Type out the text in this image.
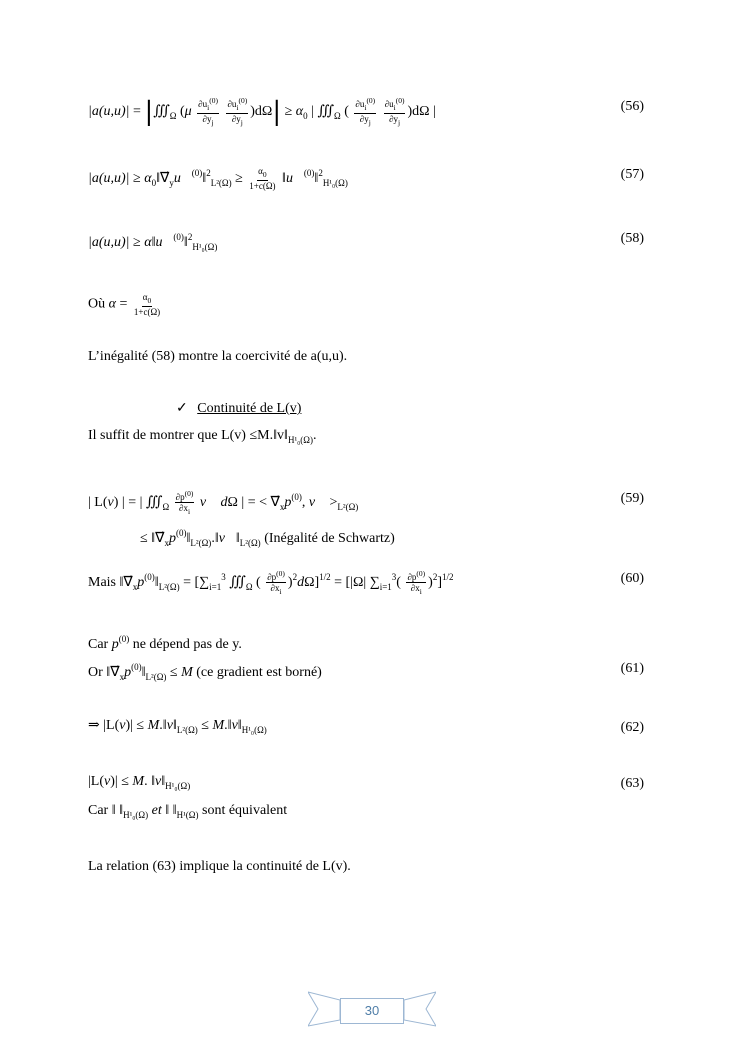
$|a(u,u)| = |∭_\Omega$ ($\mu \frac{\partial u_i^{(0)}}{\partial y_j}$
$\frac{\partial u_i^{(0)}}{\partial y_j} )d\Omega| \ge \alpha_0$ | $∭_\Omega$ ( $\frac{\partial u_i^{(0)}}{\partial y_j}$
$\frac{\partial u_i^{(0)}}{\partial y_j} )d\Omega$ |	(56)
$|a(u,u)| \ge \alpha_0‖\nabla⃗_yu⃗^{(0)}‖^2_{L^2(\Omega)} \ge \frac{\alpha_0}{1+c(\Omega)}$ ‖u⃗$^{(0)}$‖$^2_{H^1_0(\Omega)}$
(57)
|a(u,u)| ≥ α‖u⃗$^{(0)}$‖$^2_{H^1_0(\Omega)}$
(58)
Où $\alpha = \frac{\alpha_0}{1+c(\Omega)}$
L’inégalité (58) montre la coercivité de a(u,u).
✓ Continuité de L(v)
Il suffit de montrer que $L(v) \le M.‖v‖_{H^1_0(\Omega)}$.
| L(v) | = | $∭_\Omega \frac{\partial p^{(0)}}{\partial x_i}$ v⃗ dΩ | = < $\nabla⃗_xp^{(0)}$, v⃗ $>_{L^2(\Omega)}$
(59)
≤ $‖\nabla⃗_xp^{(0)}‖_{L^2(\Omega)}.‖v⃗‖_{L^2(\Omega)}$ (Inégalité de Schwartz)
Mais $‖\nabla⃗_xp^{(0)}‖_{L^2(\Omega)} = [\sum_{i=1}^3$ $∭_\Omega$ ( $\frac{\partial p^{(0)}}{\partial x_i} )^2d\Omega]^{1/2} = [|\Omega|$ $\sum_{i=1}^3( \frac{\partial p^{(0)}}{\partial x_i} )^2]^{1/2}$	(60)
Car $p^{(0)}$ ne dépend pas de y.
Or $‖\nabla⃗_xp^{(0)}‖_{L^2(\Omega)} \le M$ (ce gradient est borné)	(61)
⇒ $|L(v)| \le M.‖v‖_{L^2(\Omega)}$ ≤ $M.‖v‖_{H^1_0(\Omega)}$	(62)
|L(v)| ≤ M. $‖v‖_{H^1_0(\Omega)}$	(63)
Car ‖ $‖_{H^1_0(\Omega)}$ et ‖ $‖_{H^1(\Omega)}$ sont équivalent
La relation (63) implique la continuité de L(v).
30
